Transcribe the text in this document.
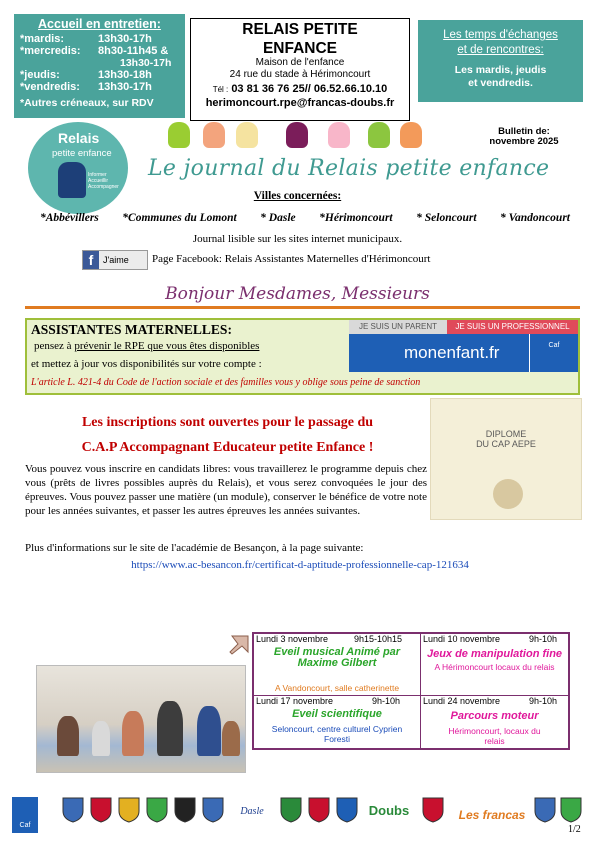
Accueil en entretien:
*mardis:	13h30-17h
*mercredis:	8h30-11h45 &
13h30-17h
*jeudis:	13h30-18h
*vendredis:	13h30-17h
*Autres créneaux, sur RDV
RELAIS PETITE
ENFANCE
Maison de l'enfance
24 rue du stade à Hérimoncourt
Tél : 03 81 36 76 25// 06.52.66.10.10
herimoncourt.rpe@francas-doubs.fr
Les temps d'échanges
et de rencontres:
Les mardis, jeudis
et vendredis.
Relais
petite enfance
Informer
Accueillir
Accompagner
Bulletin de:
novembre 2025
Le journal du Relais petite enfance
Villes concernées:
*Abbévillers *Communes du Lomont * Dasle *Hérimoncourt * Seloncourt * Vandoncourt
Journal lisible sur les sites internet municipaux.
f	J'aime Page Facebook: Relais Assistantes Maternelles d'Hérimoncourt
Bonjour Mesdames, Messieurs
ASSISTANTES MATERNELLES:
pensez à prévenir le RPE que vous êtes disponibles
et mettez à jour vos disponibilités sur votre compte :
L'article L. 421-4 du Code de l'action sociale et des familles vous y oblige sous peine de sanction
JE SUIS UN PARENT	JE SUIS UN PROFESSIONNEL
monenfant.fr	Caf
Les inscriptions sont ouvertes pour le passage du
C.A.P Accompagnant Educateur petite Enfance !
Vous pouvez vous inscrire en candidats libres: vous travaillerez le programme depuis chez vous (prêts de livres possibles auprès du Relais), et vous serez convoquées le jour des épreuves. Vous pouvez passer une matière (un module), conserver le bénéfice de votre note pour les années suivantes, et passer les autres épreuves les années suivantes.
Plus d'informations sur le site de l'académie de Besançon, à la page suivante:
https://www.ac-besancon.fr/certificat-d-aptitude-professionnelle-cap-121634
DIPLOME
DU CAP AEPE
Lundi 3 novembre	9h15-10h15
Eveil musical Animé par Maxime Gilbert
A Vandoncourt, salle catherinette
Lundi 10 novembre	9h-10h
Jeux de manipulation fine
A Hérimoncourt locaux du relais
Lundi 17 novembre	9h-10h
Eveil scientifique
Seloncourt, centre culturel Cyprien Foresti
Lundi 24 novembre	9h-10h
Parcours moteur
Hérimoncourt, locaux du relais
Caf
Dasle	Doubs	Les francas
1/2
